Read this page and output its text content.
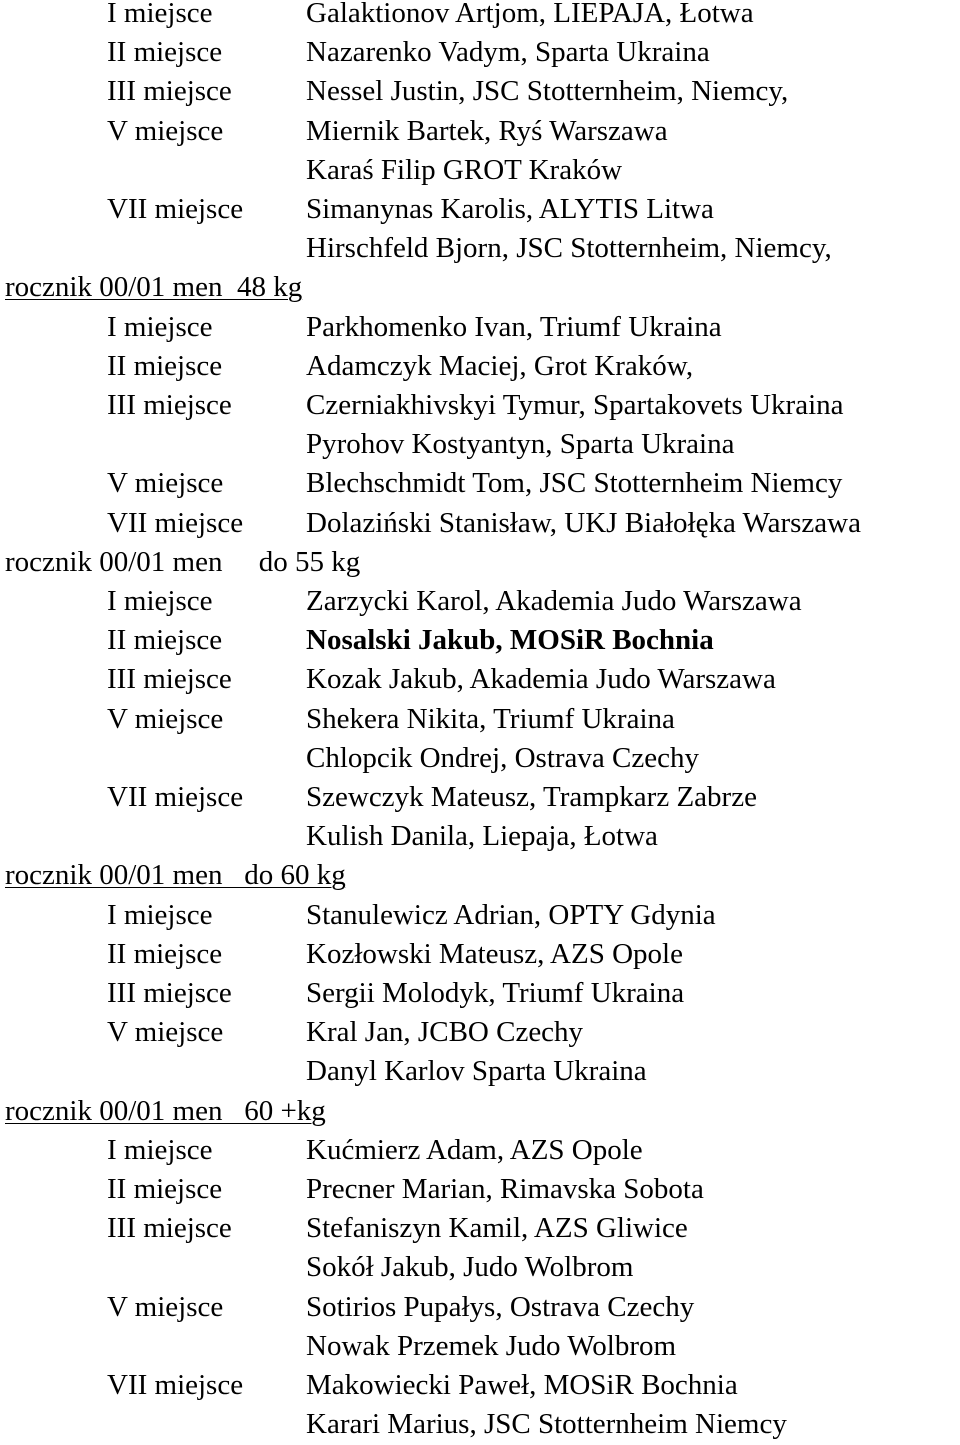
I miejsce	Galaktionov Artjom, LIEPAJA, Łotwa
II miejsce	Nazarenko Vadym, Sparta Ukraina
III miejsce	Nessel Justin, JSC Stotternheim, Niemcy,
V miejsce	Miernik Bartek, Ryś Warszawa
Karaś Filip GROT Kraków
VII miejsce Simanynas Karolis, ALYTIS Litwa
Hirschfeld Bjorn, JSC Stotternheim, Niemcy,
rocznik 00/01 men  48 kg
I miejsce	Parkhomenko Ivan, Triumf Ukraina
II miejsce	Adamczyk Maciej, Grot Kraków,
III miejsce	Czerniakhivskyi Tymur, Spartakovets Ukraina
Pyrohov Kostyantyn, Sparta Ukraina
V miejsce	Blechschmidt Tom, JSC Stotternheim Niemcy
VII miejsce Dolaziński Stanisław, UKJ Białołęka Warszawa
rocznik 00/01 men     do 55 kg
I miejsce	Zarzycki Karol, Akademia Judo Warszawa
II miejsce	Nosalski Jakub, MOSiR Bochnia
III miejsce	Kozak Jakub, Akademia Judo Warszawa
V miejsce	Shekera Nikita, Triumf Ukraina
Chlopcik Ondrej, Ostrava Czechy
VII miejsce Szewczyk Mateusz, Trampkarz Zabrze
Kulish Danila, Liepaja, Łotwa
rocznik 00/01 men   do 60 kg
I miejsce	Stanulewicz Adrian, OPTY Gdynia
II miejsce	Kozłowski Mateusz, AZS Opole
III miejsce	Sergii Molodyk, Triumf Ukraina
V miejsce	Kral Jan, JCBO Czechy
Danyl Karlov Sparta Ukraina
rocznik 00/01 men   60 +kg
I miejsce	Kućmierz Adam, AZS Opole
II miejsce	Precner Marian, Rimavska Sobota
III miejsce	Stefaniszyn Kamil, AZS Gliwice
Sokół Jakub, Judo Wolbrom
V miejsce	Sotirios Pupałys, Ostrava Czechy
Nowak Przemek Judo Wolbrom
VII miejsce Makowiecki Paweł, MOSiR Bochnia
Karari Marius, JSC Stotternheim Niemcy
